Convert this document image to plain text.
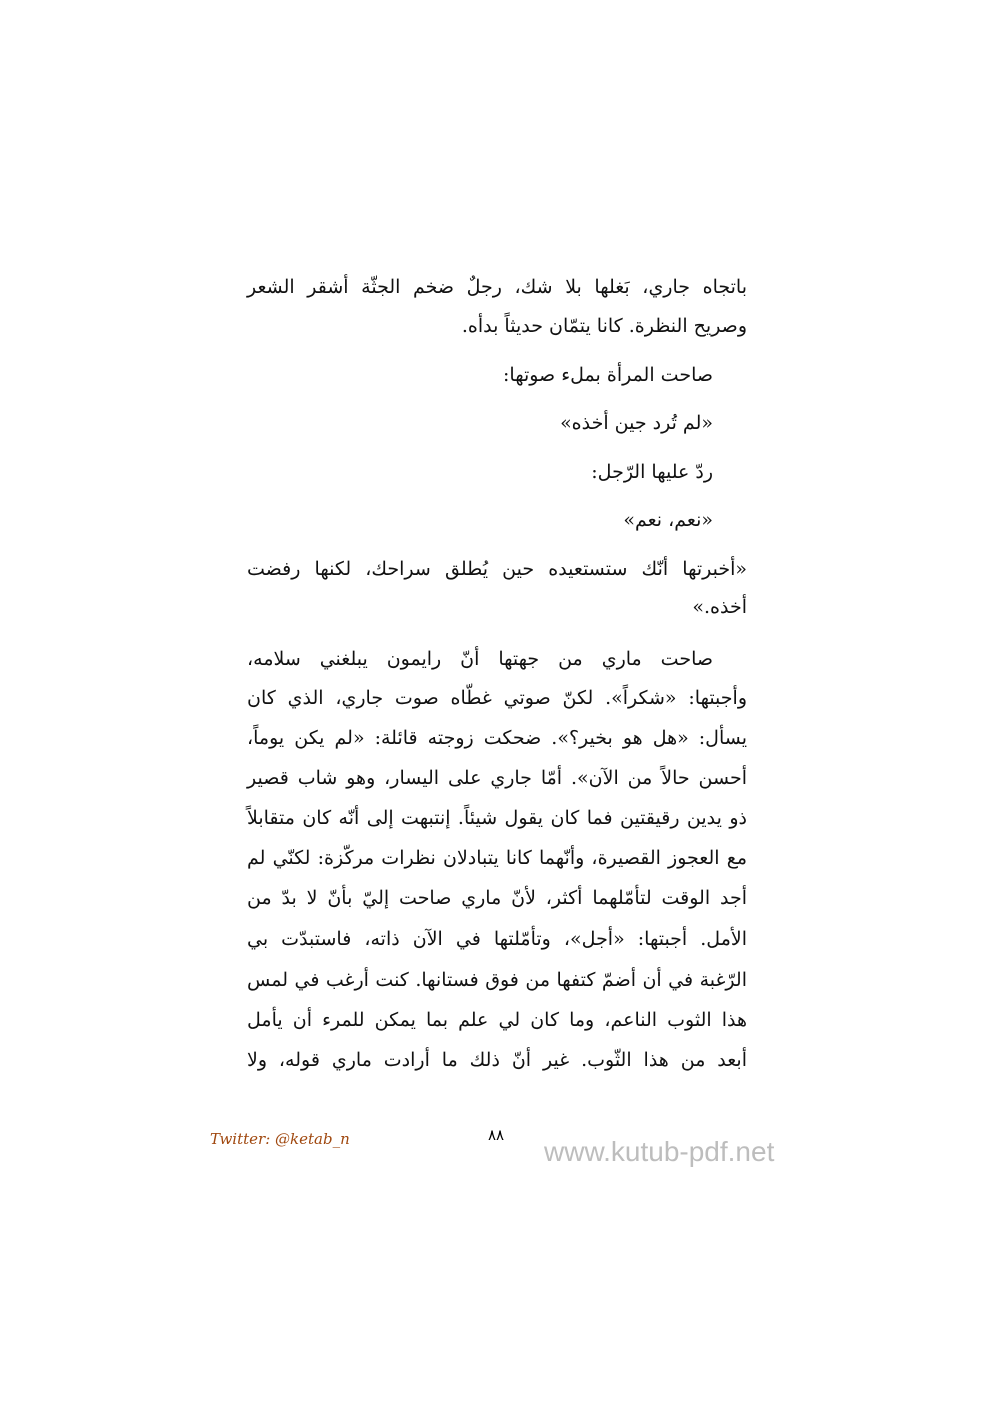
باتجاه جاري، بَغلها بلا شك، رجلٌ ضخم الجثّة أشقر الشعر
وصريح النظرة. كانا يتمّان حديثاً بدأه.
صاحت المرأة بملء صوتها:
«لم تُرد جين أخذه»
ردّ عليها الرّجل:
«نعم، نعم»
«أخبرتها أنّك ستستعيده حين يُطلق سراحك، لكنها رفضت
أخذه.»
صاحت ماري من جهتها أنّ رايمون يبلغني سلامه،
وأجبتها: «شكراً». لكنّ صوتي غطّاه صوت جاري، الذي كان
يسأل: «هل هو بخير؟». ضحكت زوجته قائلة: «لم يكن يوماً،
أحسن حالاً من الآن». أمّا جاري على اليسار، وهو شاب قصير
ذو يدين رقيقتين فما كان يقول شيئاً. إنتبهت إلى أنّه كان متقابلاً
مع العجوز القصيرة، وأنّهما كانا يتبادلان نظرات مركّزة: لكنّي لم
أجد الوقت لتأمّلهما أكثر، لأنّ ماري صاحت إليّ بأنّ لا بدّ من
الأمل. أجبتها: «أجل»، وتأمّلتها في الآن ذاته، فاستبدّت بي
الرّغبة في أن أضمّ كتفها من فوق فستانها. كنت أرغب في لمس
هذا الثوب الناعم، وما كان لي علم بما يمكن للمرء أن يأمل
أبعد من هذا الثّوب. غير أنّ ذلك ما أرادت ماري قوله، ولا
Twitter: @ketab_n	٨٨
www.kutub-pdf.net
